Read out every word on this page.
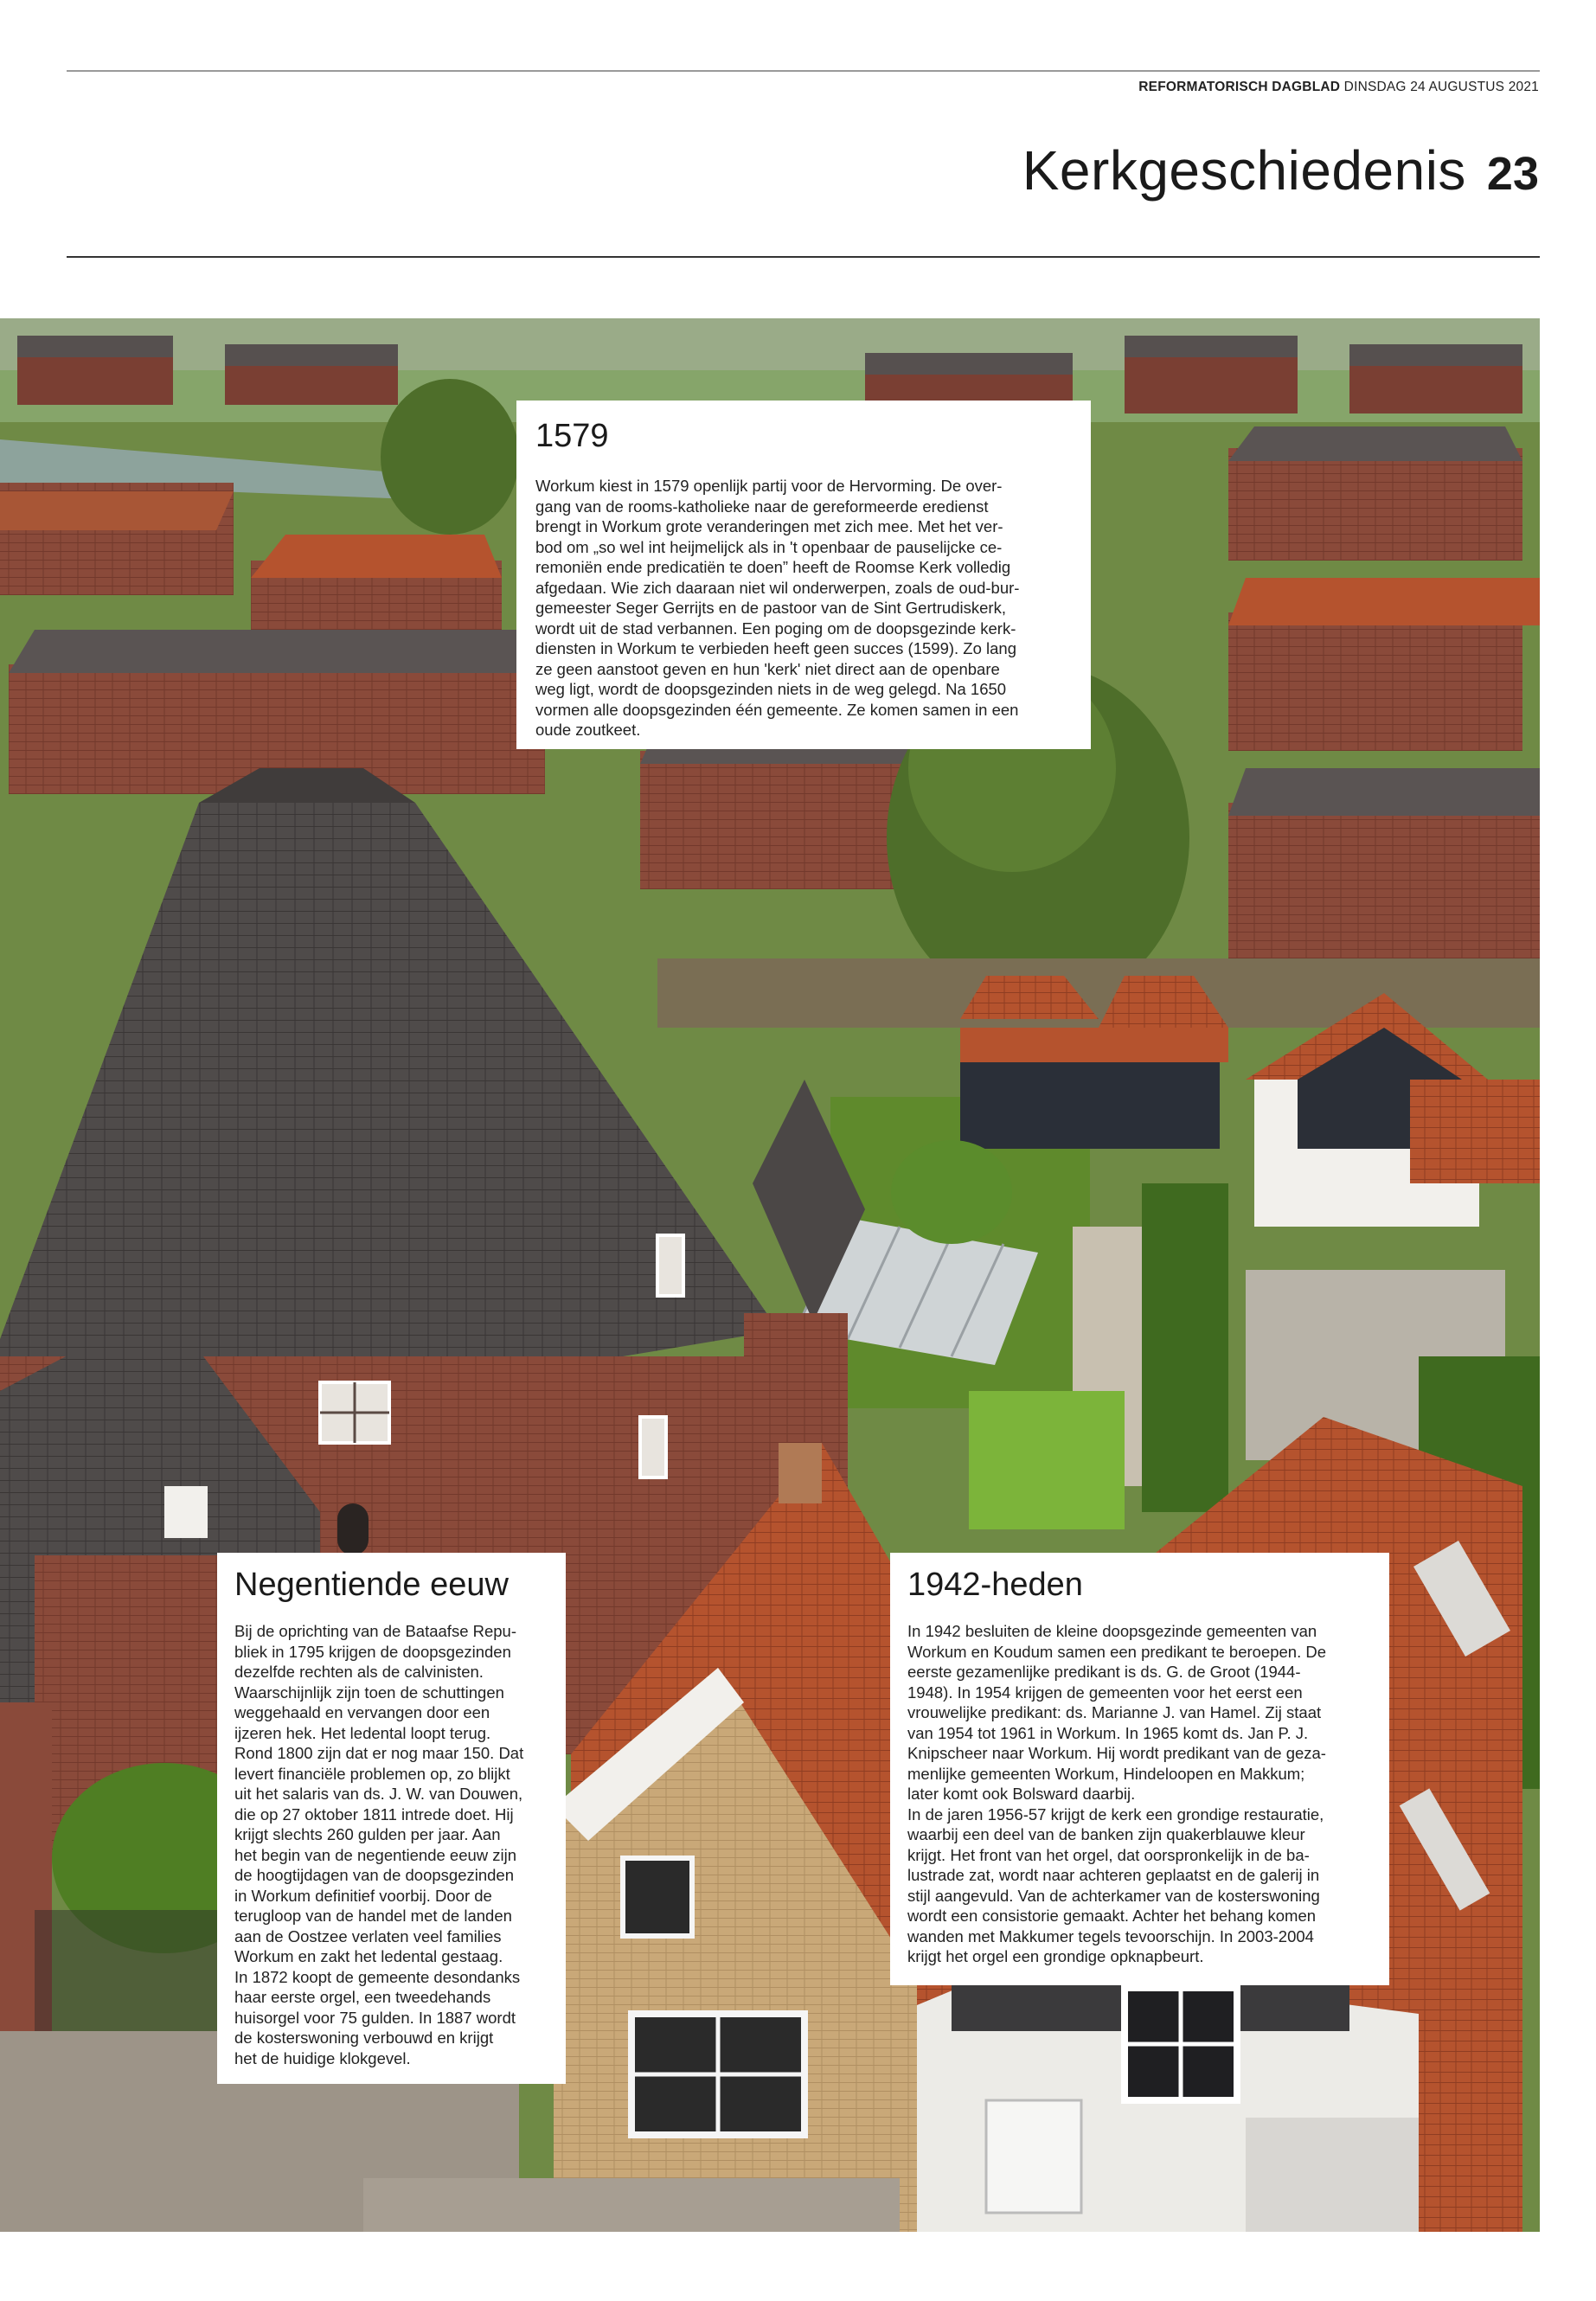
REFORMATORISCH DAGBLAD DINSDAG 24 AUGUSTUS 2021
Kerkgeschiedenis 23
1579

Workum kiest in 1579 openlijk partij voor de Hervorming. De over-
gang van de rooms-katholieke naar de gereformeerde eredienst
brengt in Workum grote veranderingen met zich mee. Met het ver-
bod om „so wel int heijmelijck als in 't openbaar de pauselijcke ce-
remoniën ende predicatiën te doen” heeft de Roomse Kerk volledig
afgedaan. Wie zich daaraan niet wil onderwerpen, zoals de oud-bur-
gemeester Seger Gerrijts en de pastoor van de Sint Gertrudiskerk,
wordt uit de stad verbannen. Een poging om de doopsgezinde kerk-
diensten in Workum te verbieden heeft geen succes (1599). Zo lang
ze geen aanstoot geven en hun 'kerk' niet direct aan de openbare
weg ligt, wordt de doopsgezinden niets in de weg gelegd. Na 1650
vormen alle doopsgezinden één gemeente. Ze komen samen in een
oude zoutkeet.

Negentiende eeuw

Bij de oprichting van de Bataafse Repu-
bliek in 1795 krijgen de doopsgezinden
dezelfde rechten als de calvinisten.
Waarschijnlijk zijn toen de schuttingen
weggehaald en vervangen door een
ijzeren hek. Het ledental loopt terug.
Rond 1800 zijn dat er nog maar 150. Dat
levert financiële problemen op, zo blijkt
uit het salaris van ds. J. W. van Douwen,
die op 27 oktober 1811 intrede doet. Hij
krijgt slechts 260 gulden per jaar. Aan
het begin van de negentiende eeuw zijn
de hoogtijdagen van de doopsgezinden
in Workum definitief voorbij. Door de
terugloop van de handel met de landen
aan de Oostzee verlaten veel families
Workum en zakt het ledental gestaag.
In 1872 koopt de gemeente desondanks
haar eerste orgel, een tweedehands
huisorgel voor 75 gulden. In 1887 wordt
de kosterswoning verbouwd en krijgt
het de huidige klokgevel.

1942-heden

In 1942 besluiten de kleine doopsgezinde gemeenten van
Workum en Koudum samen een predikant te beroepen. De
eerste gezamenlijke predikant is ds. G. de Groot (1944-
1948). In 1954 krijgen de gemeenten voor het eerst een
vrouwelijke predikant: ds. Marianne J. van Hamel. Zij staat
van 1954 tot 1961 in Workum. In 1965 komt ds. Jan P. J.
Knipscheer naar Workum. Hij wordt predikant van de geza-
menlijke gemeenten Workum, Hindeloopen en Makkum;
later komt ook Bolsward daarbij.
In de jaren 1956-57 krijgt de kerk een grondige restauratie,
waarbij een deel van de banken zijn quakerblauwe kleur
krijgt. Het front van het orgel, dat oorspronkelijk in de ba-
lustrade zat, wordt naar achteren geplaatst en de galerij in
stijl aangevuld. Van de achterkamer van de kosterswoning
wordt een consistorie gemaakt. Achter het behang komen
wanden met Makkumer tegels tevoorschijn. In 2003-2004
krijgt het orgel een grondige opknapbeurt.
